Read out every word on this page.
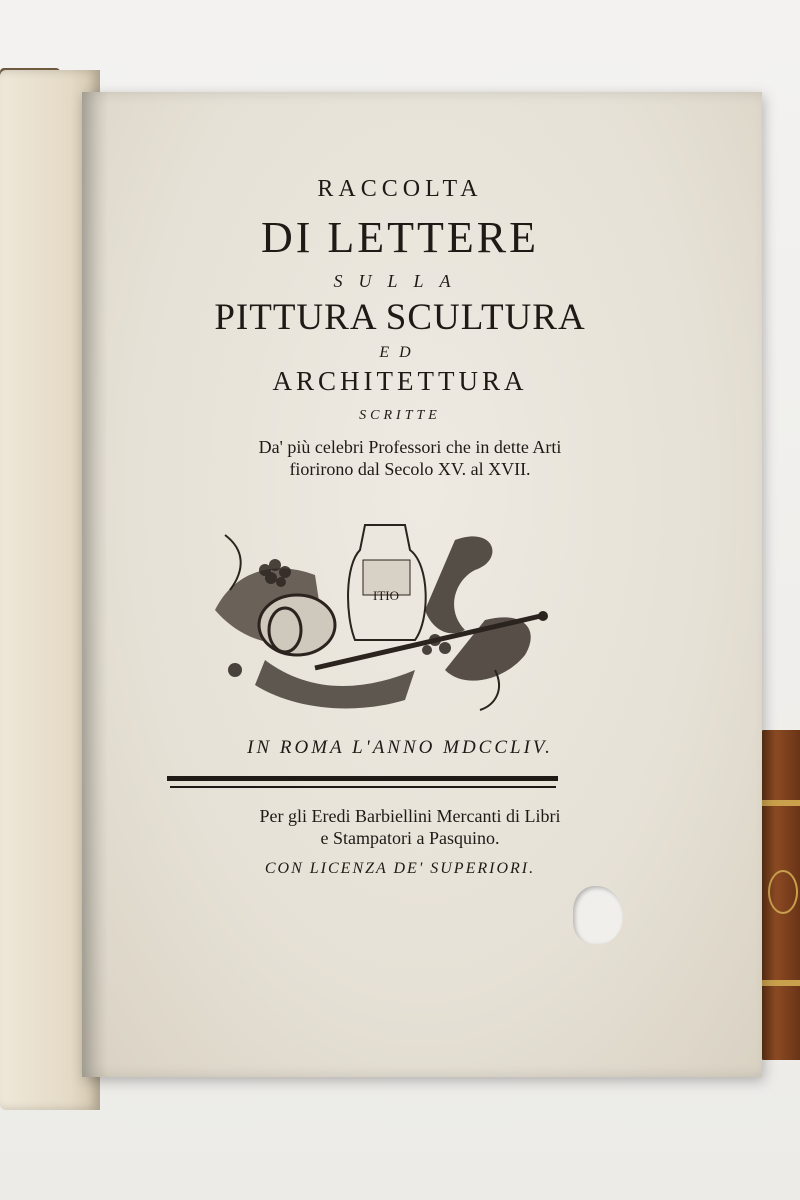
RACCOLTA
DI LETTERE
SULLA
PITTURA SCULTURA
ED
ARCHITETTURA
SCRITTE
Da' più celebri Professori che in dette Arti
fiorirono dal Secolo XV. al XVII.
ITIO
IN ROMA L'ANNO MDCCLIV.
Per gli Eredi Barbiellini Mercanti di Libri
e Stampatori a Pasquino.
CON LICENZA DE' SUPERIORI.
